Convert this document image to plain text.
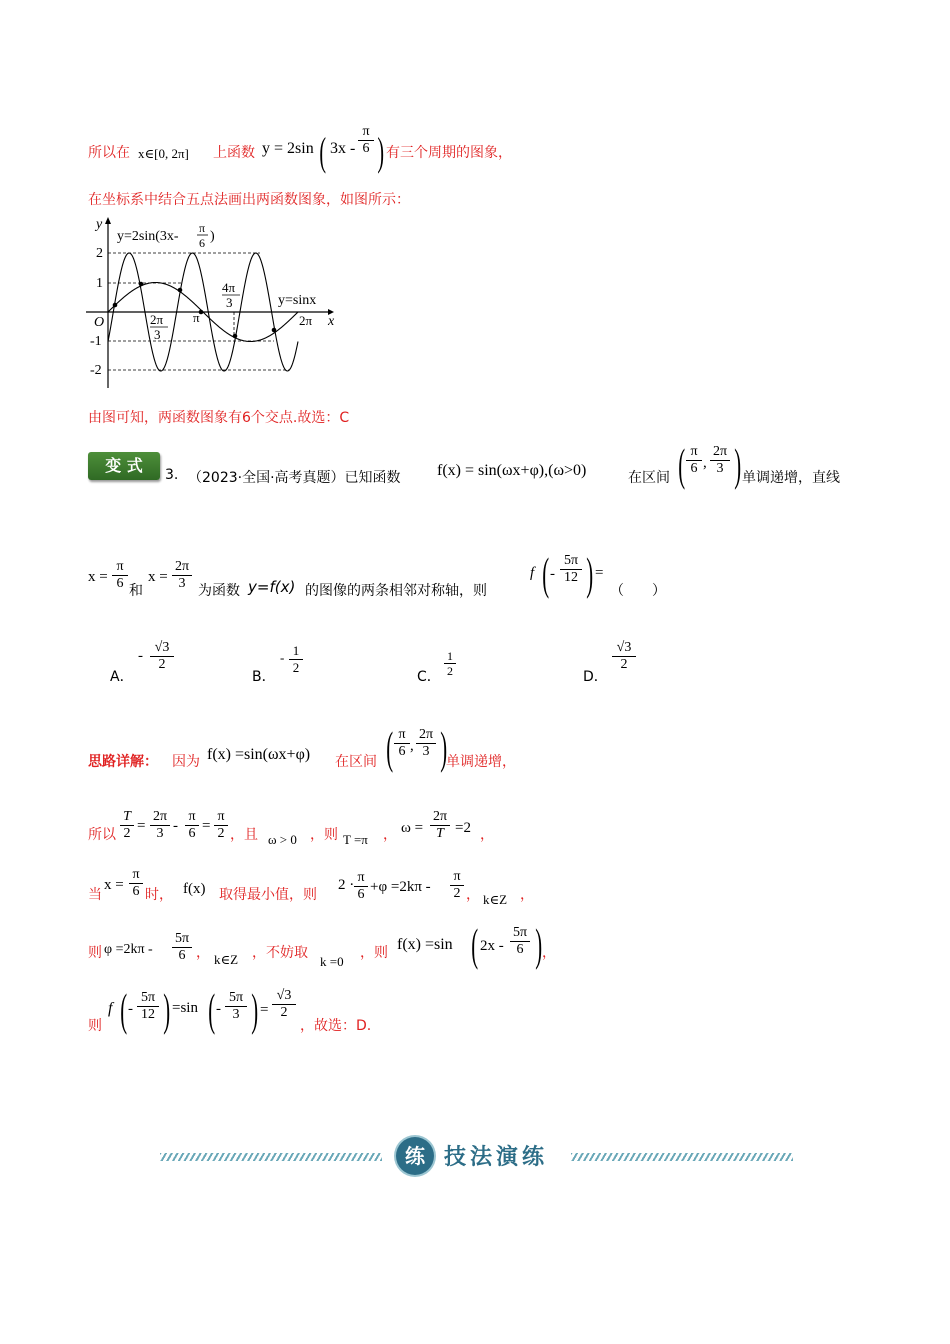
所以在 x∈[0, 2π] 上函数 y = 2sin ( $3x - \frac{\pi}{6}$ ) 有三个周期的图象，
在坐标系中结合五点法画出两函数图象，如图所示：
y
x
O
2
1
-1
-2
y=2sin(3x-
π
6 )
2π
3
π
4π
3
2π
y=sinx
由图可知，两函数图象有6个交点.故选：C
变 式	3. （2023·全国·高考真题）已知函数 f(x) = sin(ωx+φ),(ω>0)	在区间 ( $\frac{\pi}{6}$ , $\frac{2\pi}{3}$ ) 单调递增，直线
$x = \frac{\pi}{6}$ 和
$x = \frac{2\pi}{3}$ 为函数 y=f(x) 的图像的两条相邻对称轴，则
f ( - $\frac{5\pi}{12}$ ) =
（　　）
A．
- $\frac{√3}{2}$
B．
- $\frac{1}{2}$
C． $\frac{1}{2}$	D．
$\frac{√3}{2}$
思路详解： 因为 f(x) =sin(ωx+φ) 在区间 ( $\frac{\pi}{6}$ , $\frac{2\pi}{3}$ )
单调递增，
所以 $\frac{T}{2} = \frac{2\pi}{3} - \frac{\pi}{6} = \frac{\pi}{2}$ ，且 ω > 0 ，则 T =π ， $\omega = \frac{2\pi}{T} =2$ ，
当
$x = \frac{\pi}{6}$ 时， f(x) 取得最小值，则
$2 \cdot \frac{\pi}{6} +\varphi =2k\pi - \frac{\pi}{2}$ ， k∈Z ，
则 $\varphi =2k\pi - \frac{5\pi}{6}$ ， k∈Z ，不妨取
k =0
，则 f(x) =sin ( $2x - \frac{5\pi}{6}$ ) ，
则
f ( - $\frac{5\pi}{12}$ ) =sin ( - $\frac{5\pi}{3}$ ) = $\frac{√3}{2}$
，故选：D.
练 技法演练
